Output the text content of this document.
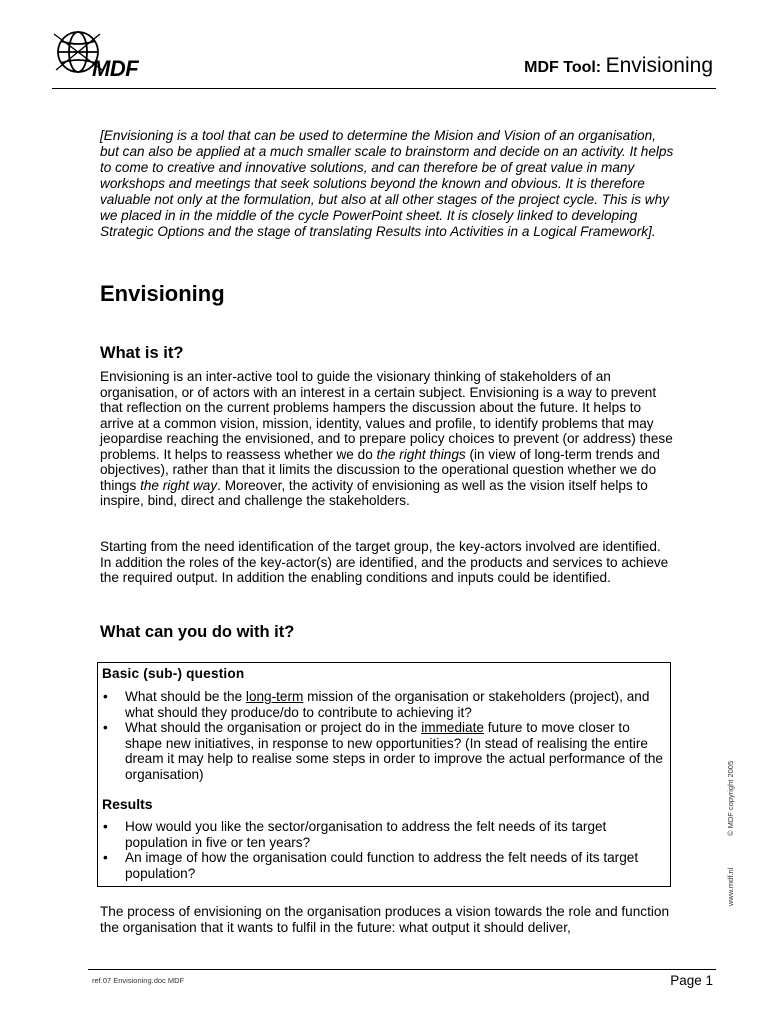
MDF	MDF Tool: Envisioning
[Envisioning is a tool that can be used to determine the Mision and Vision of an organisation, but can also be applied at a much smaller scale to brainstorm and decide on an activity. It helps to come to creative and innovative solutions, and can therefore be of great value in many workshops and meetings that seek solutions beyond the known and obvious. It is therefore valuable not only at the formulation, but also at all other stages of the project cycle. This is why we placed in in the middle of the cycle PowerPoint sheet. It is closely linked to developing Strategic Options and the stage of translating Results into Activities in a Logical Framework].
Envisioning
What is it?
Envisioning is an inter-active tool to guide the visionary thinking of stakeholders of an organisation, or of actors with an interest in a certain subject. Envisioning is a way to prevent that reflection on the current problems hampers the discussion about the future. It helps to arrive at a common vision, mission, identity, values and profile, to identify problems that may jeopardise reaching the envisioned, and to prepare policy choices to prevent (or address) these problems. It helps to reassess whether we do the right things (in view of long-term trends and objectives), rather than that it limits the discussion to the operational question whether we do things the right way. Moreover, the activity of envisioning as well as the vision itself helps to inspire, bind, direct and challenge the stakeholders.
Starting from the need identification of the target group, the key-actors involved are identified. In addition the roles of the key-actor(s) are identified, and the products and services to achieve the required output. In addition the enabling conditions and inputs could be identified.
What can you do with it?
Basic (sub-) question
• What should be the long-term mission of the organisation or stakeholders (project), and what should they produce/do to contribute to achieving it?
• What should the organisation or project do in the immediate future to move closer to shape new initiatives, in response to new opportunities? (In stead of realising the entire dream it may help to realise some steps in order to improve the actual performance of the organisation)
Results
• How would you like the sector/organisation to address the felt needs of its target population in five or ten years?
• An image of how the organisation could function to address the felt needs of its target population?
The process of envisioning on the organisation produces a vision towards the role and function the organisation that it wants to fulfil in the future: what output it should deliver,
© MDF copyright 2005
www.mdf.nl
ref.07 Envisioning.doc MDF	Page 1
